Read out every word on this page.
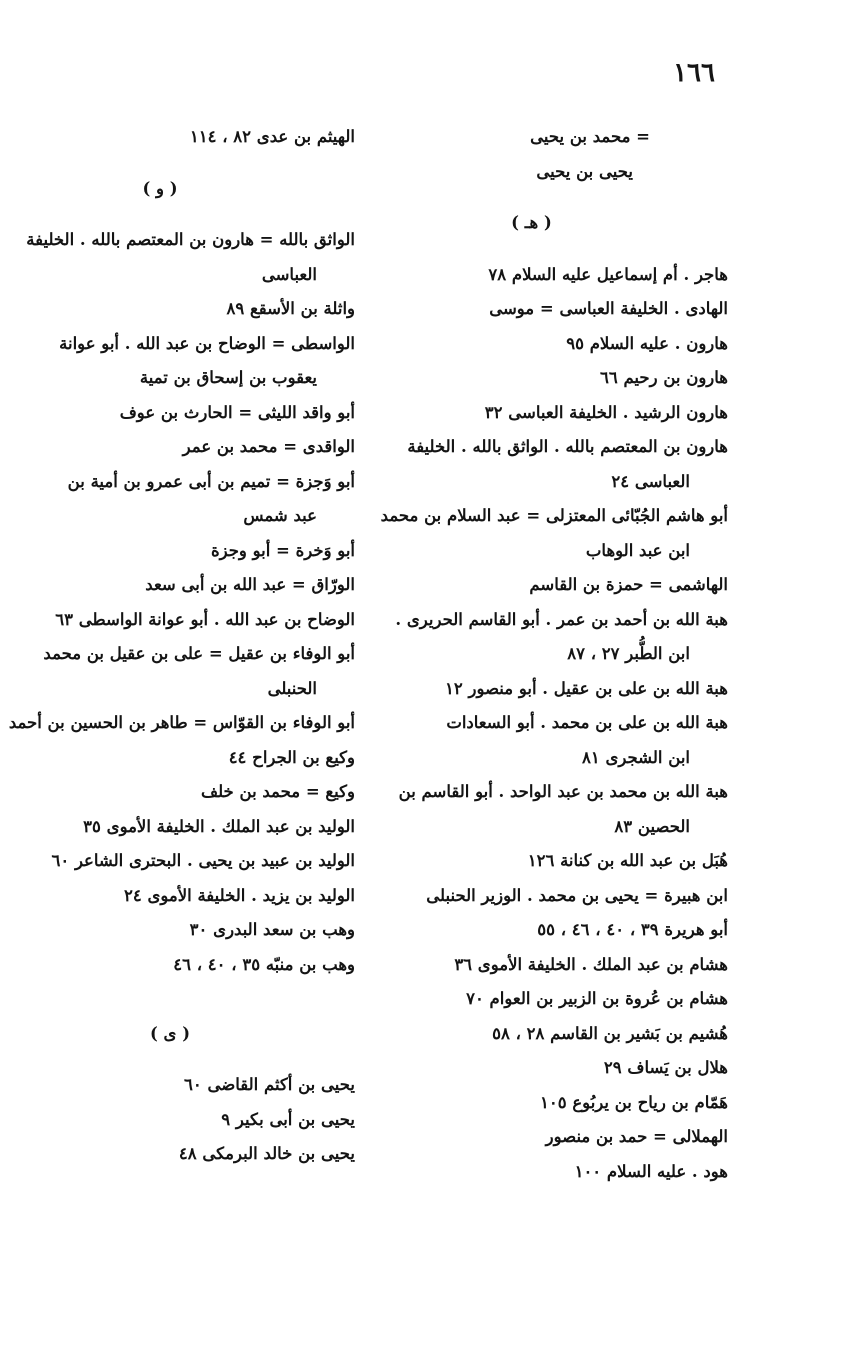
١٦٦
= محمد بن يحيى
يحيى بن يحيى
( هـ )
هاجر . أم إسماعيل عليه السلام ٧٨
الهادى . الخليفة العباسى = موسى
هارون . عليه السلام ٩٥
هارون بن رحيم ٦٦
هارون الرشيد . الخليفة العباسى ٣٢
هارون بن المعتصم بالله . الواثق بالله . الخليفة
العباسى ٢٤
أبو هاشم الجُبّائى المعتزلى = عبد السلام بن محمد
ابن عبد الوهاب
الهاشمى = حمزة بن القاسم
هبة الله بن أحمد بن عمر . أبو القاسم الحريرى .
ابن الطُّبر ٢٧ ، ٨٧
هبة الله بن على بن عقيل . أبو منصور ١٢
هبة الله بن على بن محمد . أبو السعادات
ابن الشجرى ٨١
هبة الله بن محمد بن عبد الواحد . أبو القاسم بن
الحصين ٨٣
هُبَل بن عبد الله بن كنانة ١٢٦
ابن هبيرة = يحيى بن محمد . الوزير الحنبلى
أبو هريرة ٣٩ ، ٤٠ ، ٤٦ ، ٥٥
هشام بن عبد الملك . الخليفة الأموى ٣٦
هشام بن عُروة بن الزبير بن العوام ٧٠
هُشيم بن بَشير بن القاسم ٢٨ ، ٥٨
هلال بن يَساف ٢٩
هَمّام بن رياح بن يربُوع ١٠٥
الهملالى = حمد بن منصور
هود . عليه السلام ١٠٠
الهيثم بن عدى ٨٢ ، ١١٤
( و )
الواثق بالله = هارون بن المعتصم بالله . الخليفة
العباسى
واثلة بن الأسقع ٨٩
الواسطى = الوضاح بن عبد الله . أبو عوانة
يعقوب بن إسحاق بن تمية
أبو واقد الليثى = الحارث بن عوف
الواقدى = محمد بن عمر
أبو وَجزة = تميم بن أبى عمرو بن أمية بن
عبد شمس
أبو وَخرة = أبو وجزة
الورّاق = عبد الله بن أبى سعد
الوضاح بن عبد الله . أبو عوانة الواسطى ٦٣
أبو الوفاء بن عقيل = على بن عقيل بن محمد
الحنبلى
أبو الوفاء بن القوّاس = طاهر بن الحسين بن أحمد
وكيع بن الجراح ٤٤
وكيع = محمد بن خلف
الوليد بن عبد الملك . الخليفة الأموى ٣٥
الوليد بن عبيد بن يحيى . البحترى الشاعر ٦٠
الوليد بن يزيد . الخليفة الأموى ٢٤
وهب بن سعد البدرى ٣٠
وهب بن منبّه ٣٥ ، ٤٠ ، ٤٦
( ى )
يحيى بن أكثم القاضى ٦٠
يحيى بن أبى بكير ٩
يحيى بن خالد البرمكى ٤٨
